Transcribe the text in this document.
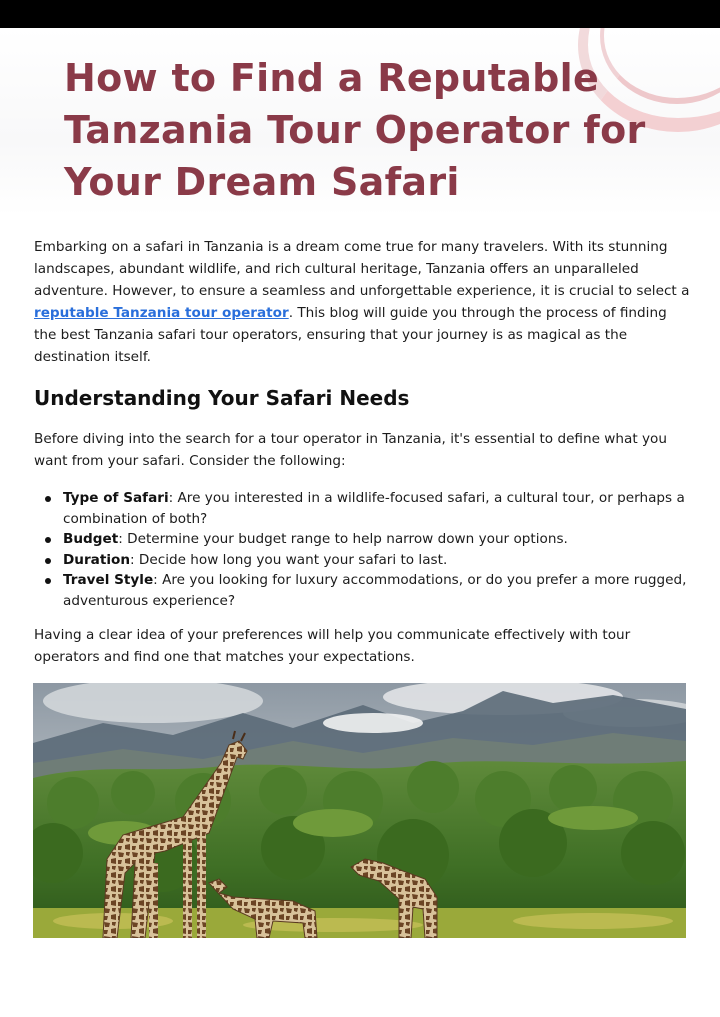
How to Find a Reputable Tanzania Tour Operator for Your Dream Safari

Embarking on a safari in Tanzania is a dream come true for many travelers. With its stunning landscapes, abundant wildlife, and rich cultural heritage, Tanzania offers an unparalleled adventure. However, to ensure a seamless and unforgettable experience, it is crucial to select a reputable Tanzania tour operator. This blog will guide you through the process of finding the best Tanzania safari tour operators, ensuring that your journey is as magical as the destination itself.

Understanding Your Safari Needs

Before diving into the search for a tour operator in Tanzania, it's essential to define what you want from your safari. Consider the following:

Type of Safari: Are you interested in a wildlife-focused safari, a cultural tour, or perhaps a combination of both?
Budget: Determine your budget range to help narrow down your options.
Duration: Decide how long you want your safari to last.
Travel Style: Are you looking for luxury accommodations, or do you prefer a more rugged, adventurous experience?

Having a clear idea of your preferences will help you communicate effectively with tour operators and find one that matches your expectations.
